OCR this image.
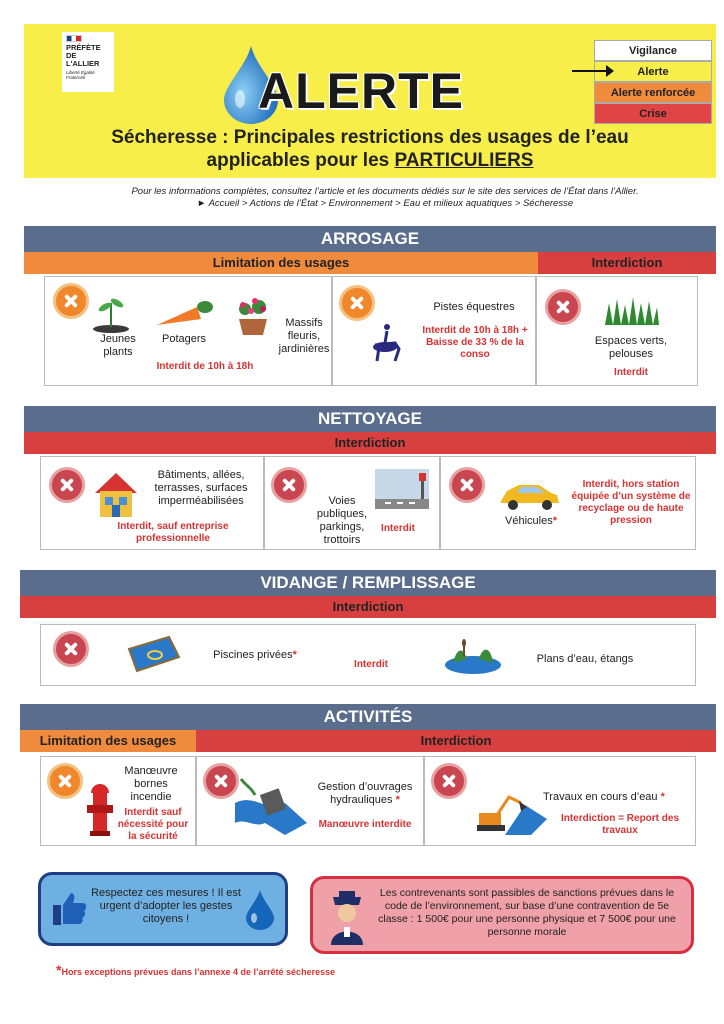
PRÉFÈTE
DE L'ALLIER
Liberté Égalité Fraternité	ALERTE
Sécheresse : Principales restrictions des usages de l’eau
applicables pour les PARTICULIERS
Vigilance
Alerte
Alerte renforcée
Crise
Pour les informations complètes, consultez l’article et les documents dédiés sur le site des services de l’État dans l’Allier.
► Accueil > Actions de l’État > Environnement > Eau et milieux aquatiques > Sécheresse
ARROSAGE
Limitation des usages	Interdiction
Jeunes plants
Potagers
Massifs fleuris, jardinières
Interdit de 10h à 18h
Pistes équestres
Interdit de 10h à 18h + Baisse de 33 % de la conso
Espaces verts, pelouses
Interdit
NETTOYAGE
Interdiction
Bâtiments, allées, terrasses, surfaces imperméabilisées
Interdit, sauf entreprise professionnelle
Voies publiques, parkings, trottoirs
Interdit
Véhicules*
Interdit, hors station équipée d’un système de recyclage ou de haute pression
VIDANGE / REMPLISSAGE
Interdiction
Piscines privées*
Interdit	Plans d’eau, étangs
ACTIVITÉS
Limitation des usages	Interdiction
Manœuvre bornes incendie
Interdit sauf nécessité pour la sécurité
Gestion d’ouvrages hydrauliques *
Manœuvre interdite
Travaux en cours d’eau *
Interdiction = Report des travaux
Respectez ces mesures ! Il est urgent d’adopter les gestes citoyens !
Les contrevenants sont passibles de sanctions prévues dans le code de l’environnement, sur base d’une contravention de 5e classe : 1 500€ pour une personne physique et 7 500€ pour une personne morale
*Hors exceptions prévues dans l’annexe 4 de l’arrêté sécheresse
